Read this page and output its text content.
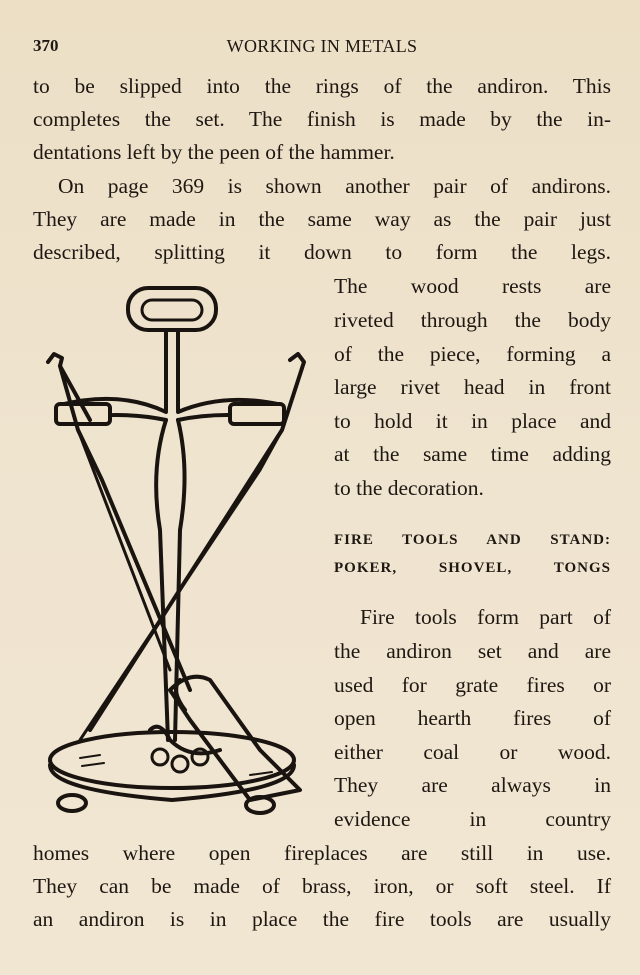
370	WORKING IN METALS
to be slipped into the rings of the andiron. This
completes the set. The finish is made by the in-
dentations left by the peen of the hammer.
On page 369 is shown another pair of andirons.
They are made in the same way as the pair just
described, splitting it down to form the legs.
The wood rests are
riveted through the body
of the piece, forming a
large rivet head in front
to hold it in place and
at the same time adding
to the decoration.
FIRE TOOLS AND STAND:
POKER, SHOVEL, TONGS
Fire tools form part of
the andiron set and are
used for grate fires or
open hearth fires of
either coal or wood.
They are always in
evidence in country
homes where open fireplaces are still in use.
They can be made of brass, iron, or soft steel. If
an andiron is in place the fire tools are usually
